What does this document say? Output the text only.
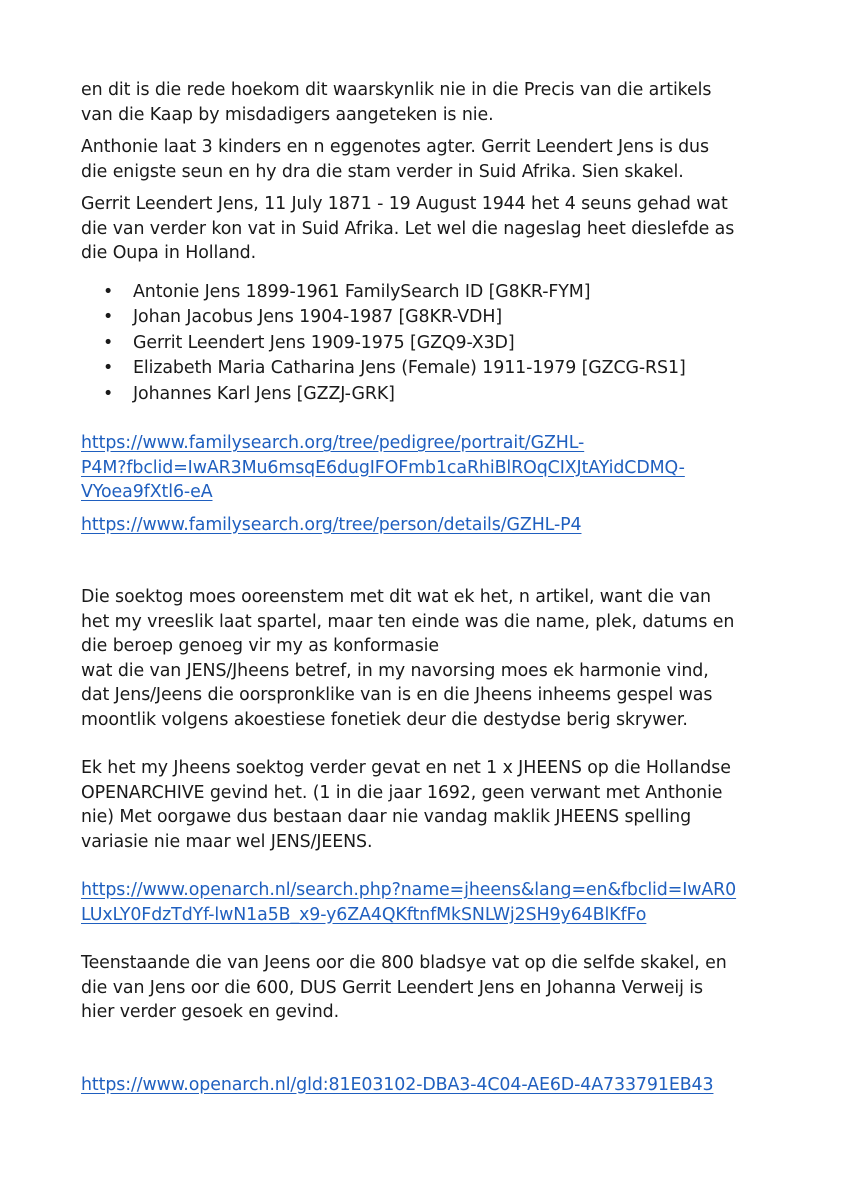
en dit is die rede hoekom dit waarskynlik nie in die Precis van die artikels
van die Kaap by misdadigers aangeteken is nie.

Anthonie laat 3 kinders en n eggenotes agter. Gerrit Leendert Jens is dus
die enigste seun en hy dra die stam verder in Suid Afrika. Sien skakel.

Gerrit Leendert Jens, 11 July 1871 - 19 August 1944 het 4 seuns gehad wat
die van verder kon vat in Suid Afrika. Let wel die nageslag heet dieslefde as
die Oupa in Holland.

• Antonie Jens 1899-1961 FamilySearch ID [G8KR-FYM]
• Johan Jacobus Jens 1904-1987 [G8KR-VDH]
• Gerrit Leendert Jens 1909-1975 [GZQ9-X3D]
• Elizabeth Maria Catharina Jens (Female) 1911-1979 [GZCG-RS1]
• Johannes Karl Jens [GZZJ-GRK]
https://www.familysearch.org/tree/pedigree/portrait/GZHL-
P4M?fbclid=IwAR3Mu6msqE6dugIFOFmb1caRhiBlROqCIXJtAYidCDMQ-
VYoea9fXtl6-eA
https://www.familysearch.org/tree/person/details/GZHL-P4

Die soektog moes ooreenstem met dit wat ek het, n artikel, want die van
het my vreeslik laat spartel, maar ten einde was die name, plek, datums en
die beroep genoeg vir my as konformasie
wat die van JENS/Jheens betref, in my navorsing moes ek harmonie vind,
dat Jens/Jeens die oorspronklike van is en die Jheens inheems gespel was
moontlik volgens akoestiese fonetiek deur die destydse berig skrywer.

Ek het my Jheens soektog verder gevat en net 1 x JHEENS op die Hollandse
OPENARCHIVE gevind het. (1 in die jaar 1692, geen verwant met Anthonie
nie) Met oorgawe dus bestaan daar nie vandag maklik JHEENS spelling
variasie nie maar wel JENS/JEENS.

https://www.openarch.nl/search.php?name=jheens&lang=en&fbclid=IwAR0
LUxLY0FdzTdYf-lwN1a5B_x9-y6ZA4QKftnfMkSNLWj2SH9y64BlKfFo

Teenstaande die van Jeens oor die 800 bladsye vat op die selfde skakel, en
die van Jens oor die 600, DUS Gerrit Leendert Jens en Johanna Verweij is
hier verder gesoek en gevind.

https://www.openarch.nl/gld:81E03102-DBA3-4C04-AE6D-4A733791EB43
